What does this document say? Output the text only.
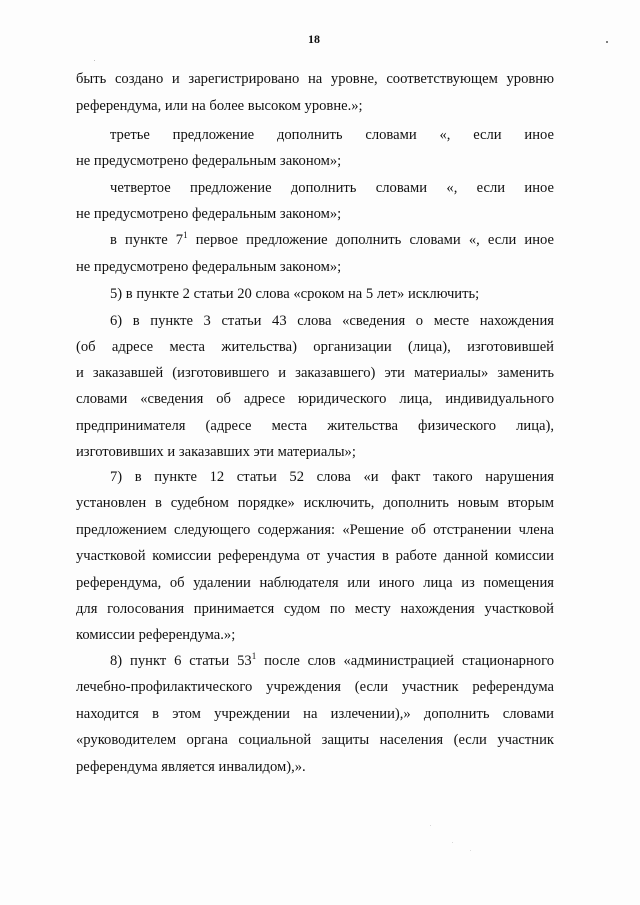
18
быть создано и зарегистрировано на уровне, соответствующем уровню
референдума, или на более высоком уровне.»;
третье предложение дополнить словами «, если иное
не предусмотрено федеральным законом»;
четвертое предложение дополнить словами «, если иное
не предусмотрено федеральным законом»;
в пункте $7^1$ первое предложение дополнить словами «, если иное
не предусмотрено федеральным законом»;
5) в пункте 2 статьи 20 слова «сроком на 5 лет» исключить;
6) в пункте 3 статьи 43 слова «сведения о месте нахождения
(об адресе места жительства) организации (лица), изготовившей
и заказавшей (изготовившего и заказавшего) эти материалы» заменить
словами «сведения об адресе юридического лица, индивидуального
предпринимателя (адресе места жительства физического лица),
изготовивших и заказавших эти материалы»;
7) в пункте 12 статьи 52 слова «и факт такого нарушения
установлен в судебном порядке» исключить, дополнить новым вторым
предложением следующего содержания: «Решение об отстранении члена
участковой комиссии референдума от участия в работе данной комиссии
референдума, об удалении наблюдателя или иного лица из помещения
для голосования принимается судом по месту нахождения участковой
комиссии референдума.»;
8) пункт 6 статьи $53^1$ после слов «администрацией стационарного
лечебно-профилактического учреждения (если участник референдума
находится в этом учреждении на излечении),» дополнить словами
«руководителем органа социальной защиты населения (если участник
референдума является инвалидом),».
